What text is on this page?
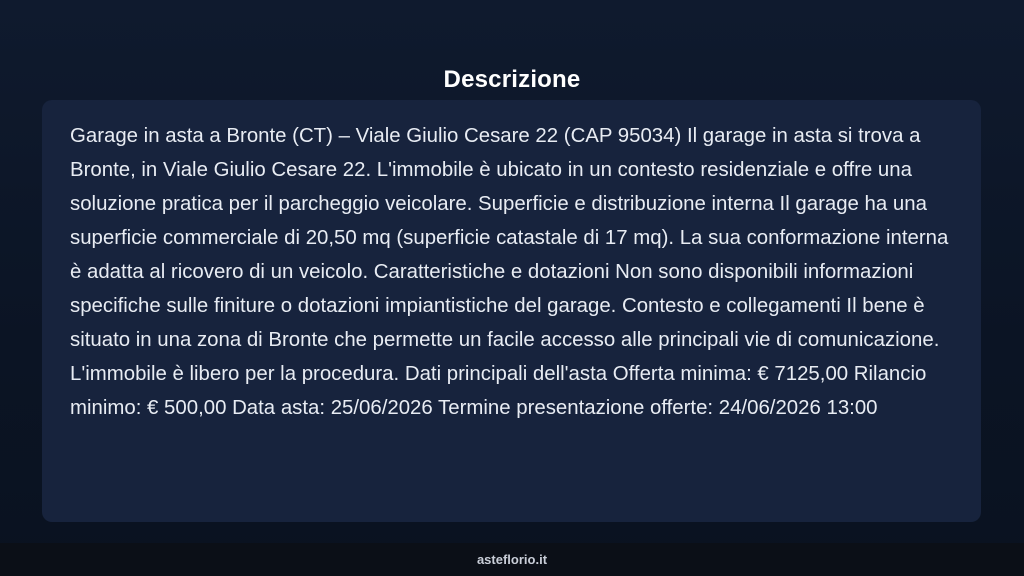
Descrizione

Garage in asta a Bronte (CT) – Viale Giulio Cesare 22 (CAP 95034) Il garage in asta si trova a Bronte, in Viale Giulio Cesare 22. L'immobile è ubicato in un contesto residenziale e offre una soluzione pratica per il parcheggio veicolare. Superficie e distribuzione interna Il garage ha una superficie commerciale di 20,50 mq (superficie catastale di 17 mq). La sua conformazione interna è adatta al ricovero di un veicolo. Caratteristiche e dotazioni Non sono disponibili informazioni specifiche sulle finiture o dotazioni impiantistiche del garage. Contesto e collegamenti Il bene è situato in una zona di Bronte che permette un facile accesso alle principali vie di comunicazione. L'immobile è libero per la procedura. Dati principali dell'asta Offerta minima: € 7125,00 Rilancio minimo: € 500,00 Data asta: 25/06/2026 Termine presentazione offerte: 24/06/2026 13:00

asteflorio.it
